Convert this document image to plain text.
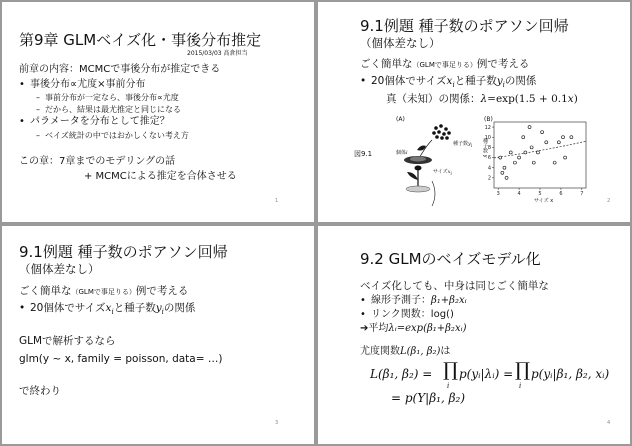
第9章 GLMベイズ化・事後分布推定
2015/03/03 髙倉担当
前章の内容：MCMCで事後分布が推定できる
• 事後分布∝尤度×事前分布
– 事前分布が一定なら、事後分布∝尤度
– だから、結果は最尤推定と同じになる
• パラメータを分布として推定？
– ベイズ統計の中ではおかしくない考え方
この章：7章までのモデリングの話
+ MCMCによる推定を合体させる
1
9.1例題 種子数のポアソン回帰
（個体差なし）
ごく簡単な（GLMで事足りる）例で考える
• 20個体でサイズ$x_i$と種子数$y_i$の関係
真（未知）の関係：λ=exp(1.5 + 0.1x)
図9.1
(A)	(B)
種子数$y_i$
個体i
サイズ$x_i$
3	4	5	6	7
2
4
6
8
10
12
種子数 y
サイズ x	2
9.1例題 種子数のポアソン回帰
（個体差なし）
ごく簡単な（GLMで事足りる）例で考える
• 20個体でサイズ$x_i$と種子数$y_i$の関係
GLMで解析するなら
glm(y ~ x, family = poisson, data= …)
で終わり
3
9.2 GLMのベイズモデル化
ベイズ化しても、中身は同じごく簡単な
• 線形予測子：β₁+β₂xᵢ
• リンク関数：log()
➔平均λᵢ=exp(β₁+β₂xᵢ)
尤度関数L(β₁, β₂)は
L(β₁, β₂) = ∏
i
p(yᵢ|λᵢ) = ∏
i
p(yᵢ|β₁, β₂, xᵢ)
= p(Y|β₁, β₂)
4
